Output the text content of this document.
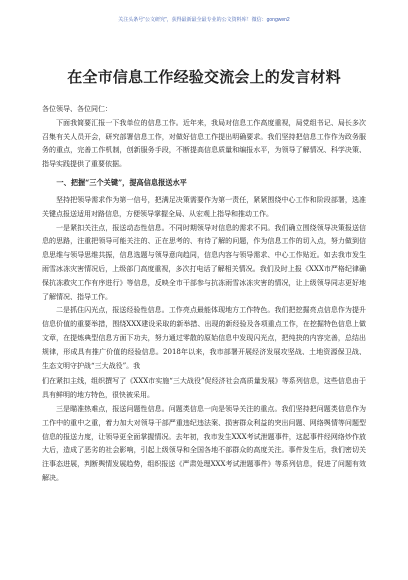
关注头条号“公文研究”，获得最新最全最专业的公文资料库！微信：gongwen2
在全市信息工作经验交流会上的发言材料

各位领导、各位同仁：

下面我简要汇报一下我单位的信息工作。近年来，我局对信息工作高度重视，局党组书记、局长多次召集有关人员开会，研究部署信息工作，对做好信息工作提出明确要求。我们坚持把信息工作作为政务服务的重点，完善工作机制，创新服务手段，不断提高信息质量和编报水平，为领导了解情况、科学决策、指导实践提供了重要依据。

一、把握“三个关键”，提高信息报送水平

坚持把领导需求作为第一信号，把满足决策需要作为第一责任，紧紧围绕中心工作和阶段部署，选准关键点报送适用对路信息，方便领导掌握全局、从宏观上指导和推动工作。

一是紧扣关注点，报送动态性信息。不同时期领导对信息的需求不同。我们确立围绕领导决策报送信息的思路，注重把领导可能关注的、正在思考的、有待了解的问题，作为信息工作的切入点，努力做到信息思维与领导思维共振，信息选题与领导意向趋同，信息内容与领导需求、中心工作贴近。如去我市发生雨雪冰冻灾害情况后，上级部门高度重视，多次打电话了解相关情况。我们及时上报《XXX市严格纪律确保抗冻救灾工作有序进行》等信息，反映全市干部参与抗冻雨雪冰冻灾害的情况，让上级领导同志更好地了解情况、指导工作。

二是抓住闪光点，报送经验性信息。工作亮点最能体现地方工作特色。我们把挖掘亮点信息作为提升信息价值的重要举措，围绕XXX建设采取的新举措、出现的新经验及各项重点工作，在挖掘特色信息上做文章，在提炼典型信息方面下功夫，努力通过零散的原始信息中发现闪光点，把纯抉的内容完善，总结出规律，形成具有推广价值的经验信息。2018年以来，我市部署开展经济发展攻坚战、土地资源保卫战、生态文明守护战“三大战役”。我

们在紧扣主线，组织撰写了《XXX市实施“三大战役”促经济社会高质量发展》等系列信息，这些信息由于具有鲜明的地方特色，很快被采用。

三是瞄准热难点，报送问题性信息。问题类信息一向是领导关注的重点。我们坚持把问题类信息作为工作中的重中之重，着力加大对领导干部严重违纪违法案、损害群众利益的突出问题、网络舆情等问题型信息的报送力度，让领导更全面掌握情况。去年初，我市发生XXX考试泄题事件，这起事件经网络炒作放大后，造成了恶劣的社会影响，引起上级领导和全国各地不部群众的高度关注。事件发生后，我们密切关注事态进展，判断舆情发展趋势，组织报送《严肃处理XXX考试泄题事件》等系列信息，促进了问题有效解决。
